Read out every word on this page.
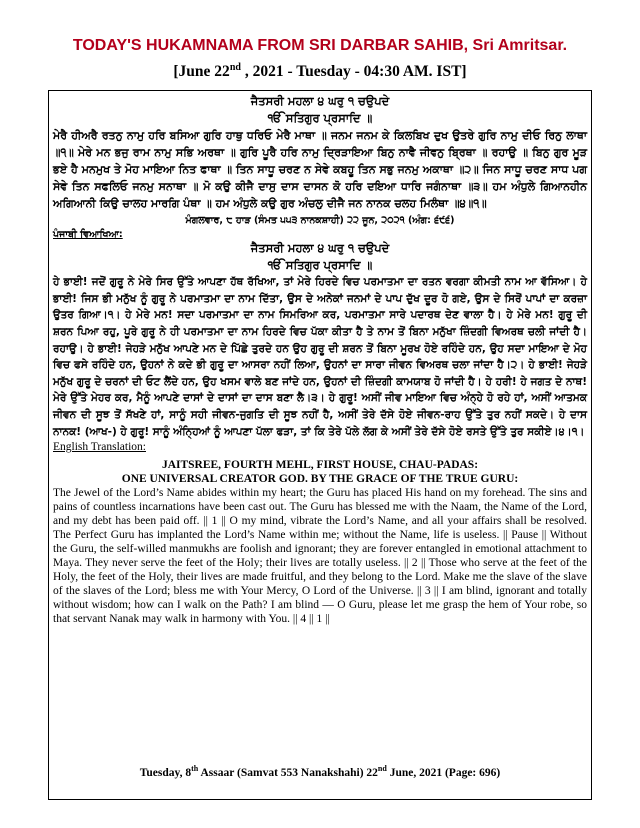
TODAY'S HUKAMNAMA FROM SRI DARBAR SAHIB, Sri Amritsar.

[June 22nd , 2021 - Tuesday - 04:30 AM. IST]

ਜੈਤਸਰੀ ਮਹਲਾ ੪ ਘਰੁ ੧ ਚਉਪਦੇ
ੴ ਸਤਿਗੁਰ ਪ੍ਰਸਾਦਿ ॥
ਮੇਰੈ ਹੀਅਰੈ ਰਤਨੁ ਨਾਮੁ ਹਰਿ ਬਸਿਆ ਗੁਰਿ ਹਾਥੁ ਧਰਿਓ ਮੇਰੈ ਮਾਥਾ ॥ ਜਨਮ ਜਨਮ ਕੇ ਕਿਲਬਿਖ ਦੁਖ ਉਤਰੇ ਗੁਰਿ ਨਾਮੁ ਦੀਓ ਰਿਨੁ ਲਾਥਾ ॥੧॥ ਮੇਰੇ ਮਨ ਭਜੁ ਰਾਮ ਨਾਮੁ ਸਭਿ ਅਰਥਾ ॥ ਗੁਰਿ ਪੂਰੈ ਹਰਿ ਨਾਮੁ ਦ੍ਰਿੜਾਇਆ ਬਿਨੁ ਨਾਵੈ ਜੀਵਨੁ ਬ੍ਰਿਥਾ ॥ ਰਹਾਉ ॥ ਬਿਨੁ ਗੁਰ ਮੂੜ ਭਏ ਹੈ ਮਨਮੁਖ ਤੇ ਮੋਹ ਮਾਇਆ ਨਿਤ ਫਾਥਾ ॥ ਤਿਨ ਸਾਧੂ ਚਰਣ ਨ ਸੇਵੇ ਕਬਹੂ ਤਿਨ ਸਭੁ ਜਨਮੁ ਅਕਾਥਾ ॥੨॥ ਜਿਨ ਸਾਧੂ ਚਰਣ ਸਾਧ ਪਗ ਸੇਵੇ ਤਿਨ ਸਫਲਿਓ ਜਨਮੁ ਸਨਾਥਾ ॥ ਮੋ ਕਉ ਕੀਜੈ ਦਾਸੁ ਦਾਸ ਦਾਸਨ ਕੋ ਹਰਿ ਦਇਆ ਧਾਰਿ ਜਗੰਨਾਥਾ ॥੩॥ ਹਮ ਅੰਧੁਲੇ ਗਿਆਨਹੀਨ ਅਗਿਆਨੀ ਕਿਉ ਚਾਲਹ ਮਾਰਗਿ ਪੰਥਾ ॥ ਹਮ ਅੰਧੁਲੇ ਕਉ ਗੁਰ ਅੰਚਲੁ ਦੀਜੈ ਜਨ ਨਾਨਕ ਚਲਹ ਮਿਲੰਥਾ ॥੪॥੧॥
ਮੰਗਲਵਾਰ, ੮ ਹਾੜ (ਸੰਮਤ ੫੫੩ ਨਾਨਕਸ਼ਾਹੀ) ੨੨ ਜੂਨ, ੨੦੨੧ (ਅੰਗ: ੬੯੬)
ਪੰਜਾਬੀ ਵਿਆਖਿਆ:
ਜੈਤਸਰੀ ਮਹਲਾ ੪ ਘਰੁ ੧ ਚਉਪਦੇ
ੴ ਸਤਿਗੁਰ ਪ੍ਰਸਾਦਿ ॥
ਹੇ ਭਾਈ! ਜਦੋਂ ਗੁਰੂ ਨੇ ਮੇਰੇ ਸਿਰ ਉੱਤੇ ਆਪਣਾ ਹੱਥ ਰੱਖਿਆ, ਤਾਂ ਮੇਰੇ ਹਿਰਦੇ ਵਿਚ ਪਰਮਾਤਮਾ ਦਾ ਰਤਨ ਵਰਗਾ ਕੀਮਤੀ ਨਾਮ ਆ ਵੱਸਿਆ। ਹੇ ਭਾਈ! ਜਿਸ ਭੀ ਮਨੁੱਖ ਨੂੰ ਗੁਰੂ ਨੇ ਪਰਮਾਤਮਾ ਦਾ ਨਾਮ ਦਿੱਤਾ, ਉਸ ਦੇ ਅਨੇਕਾਂ ਜਨਮਾਂ ਦੇ ਪਾਪ ਦੁੱਖ ਦੂਰ ਹੋ ਗਏ, ਉਸ ਦੇ ਸਿਰੋਂ ਪਾਪਾਂ ਦਾ ਕਰਜ਼ਾ ਉਤਰ ਗਿਆ।੧। ਹੇ ਮੇਰੇ ਮਨ! ਸਦਾ ਪਰਮਾਤਮਾ ਦਾ ਨਾਮ ਸਿਮਰਿਆ ਕਰ, ਪਰਮਾਤਮਾ ਸਾਰੇ ਪਦਾਰਥ ਦੇਣ ਵਾਲਾ ਹੈ। ਹੇ ਮੇਰੇ ਮਨ! ਗੁਰੂ ਦੀ ਸ਼ਰਨ ਪਿਆ ਰਹੁ, ਪੂਰੇ ਗੁਰੂ ਨੇ ਹੀ ਪਰਮਾਤਮਾ ਦਾ ਨਾਮ ਹਿਰਦੇ ਵਿਚ ਪੱਕਾ ਕੀਤਾ ਹੈ ਤੇ ਨਾਮ ਤੋਂ ਬਿਨਾ ਮਨੁੱਖਾ ਜ਼ਿੰਦਗੀ ਵਿਅਰਥ ਚਲੀ ਜਾਂਦੀ ਹੈ।ਰਹਾਉ। ਹੇ ਭਾਈ! ਜੇਹੜੇ ਮਨੁੱਖ ਆਪਣੇ ਮਨ ਦੇ ਪਿੱਛੇ ਤੁਰਦੇ ਹਨ ਉਹ ਗੁਰੂ ਦੀ ਸ਼ਰਨ ਤੋਂ ਬਿਨਾ ਮੂਰਖ ਹੋਏ ਰਹਿੰਦੇ ਹਨ, ਉਹ ਸਦਾ ਮਾਇਆ ਦੇ ਮੋਹ ਵਿਚ ਫਸੇ ਰਹਿੰਦੇ ਹਨ, ਉਹਨਾਂ ਨੇ ਕਦੇ ਭੀ ਗੁਰੂ ਦਾ ਆਸਰਾ ਨਹੀਂ ਲਿਆ, ਉਹਨਾਂ ਦਾ ਸਾਰਾ ਜੀਵਨ ਵਿਅਰਥ ਚਲਾ ਜਾਂਦਾ ਹੈ।੨। ਹੇ ਭਾਈ! ਜੇਹੜੇ ਮਨੁੱਖ ਗੁਰੂ ਦੇ ਚਰਨਾਂ ਦੀ ਓਟ ਲੈਂਦੇ ਹਨ, ਉਹ ਖਸਮ ਵਾਲੇ ਬਣ ਜਾਂਦੇ ਹਨ, ਉਹਨਾਂ ਦੀ ਜ਼ਿੰਦਗੀ ਕਾਮਯਾਬ ਹੋ ਜਾਂਦੀ ਹੈ। ਹੇ ਹਰੀ! ਹੇ ਜਗਤ ਦੇ ਨਾਥ! ਮੇਰੇ ਉੱਤੇ ਮੇਹਰ ਕਰ, ਮੈਨੂੰ ਆਪਣੇ ਦਾਸਾਂ ਦੇ ਦਾਸਾਂ ਦਾ ਦਾਸ ਬਣਾ ਲੈ।੩। ਹੇ ਗੁਰੂ! ਅਸੀਂ ਜੀਵ ਮਾਇਆ ਵਿਚ ਅੰਨ੍ਹੇ ਹੋ ਰਹੇ ਹਾਂ, ਅਸੀਂ ਆਤਮਕ ਜੀਵਨ ਦੀ ਸੂਝ ਤੋਂ ਸੱਖਣੇ ਹਾਂ, ਸਾਨੂੰ ਸਹੀ ਜੀਵਨ-ਜੁਗਤਿ ਦੀ ਸੂਝ ਨਹੀਂ ਹੈ, ਅਸੀਂ ਤੇਰੇ ਦੱਸੇ ਹੋਏ ਜੀਵਨ-ਰਾਹ ਉੱਤੇ ਤੁਰ ਨਹੀਂ ਸਕਦੇ। ਹੇ ਦਾਸ ਨਾਨਕ! (ਆਖ-) ਹੇ ਗੁਰੂ! ਸਾਨੂੰ ਅੰਨ੍ਹਿਆਂ ਨੂੰ ਆਪਣਾ ਪੱਲਾ ਫੜਾ, ਤਾਂ ਕਿ ਤੇਰੇ ਪੱਲੇ ਲੱਗ ਕੇ ਅਸੀਂ ਤੇਰੇ ਦੱਸੇ ਹੋਏ ਰਸਤੇ ਉੱਤੇ ਤੁਰ ਸਕੀਏ।੪।੧।
English Translation:
JAITSREE, FOURTH MEHL, FIRST HOUSE, CHAU-PADAS:
ONE UNIVERSAL CREATOR GOD. BY THE GRACE OF THE TRUE GURU:
The Jewel of the Lord’s Name abides within my heart; the Guru has placed His hand on my forehead. The sins and pains of countless incarnations have been cast out. The Guru has blessed me with the Naam, the Name of the Lord, and my debt has been paid off. || 1 || O my mind, vibrate the Lord’s Name, and all your affairs shall be resolved. The Perfect Guru has implanted the Lord’s Name within me; without the Name, life is useless. || Pause || Without the Guru, the self-willed manmukhs are foolish and ignorant; they are forever entangled in emotional attachment to Maya. They never serve the feet of the Holy; their lives are totally useless. || 2 || Those who serve at the feet of the Holy, the feet of the Holy, their lives are made fruitful, and they belong to the Lord. Make me the slave of the slave of the slaves of the Lord; bless me with Your Mercy, O Lord of the Universe. || 3 || I am blind, ignorant and totally without wisdom; how can I walk on the Path? I am blind — O Guru, please let me grasp the hem of Your robe, so that servant Nanak may walk in harmony with You. || 4 || 1 ||
Tuesday, 8th Assaar (Samvat 553 Nanakshahi) 22nd June, 2021 (Page: 696)
